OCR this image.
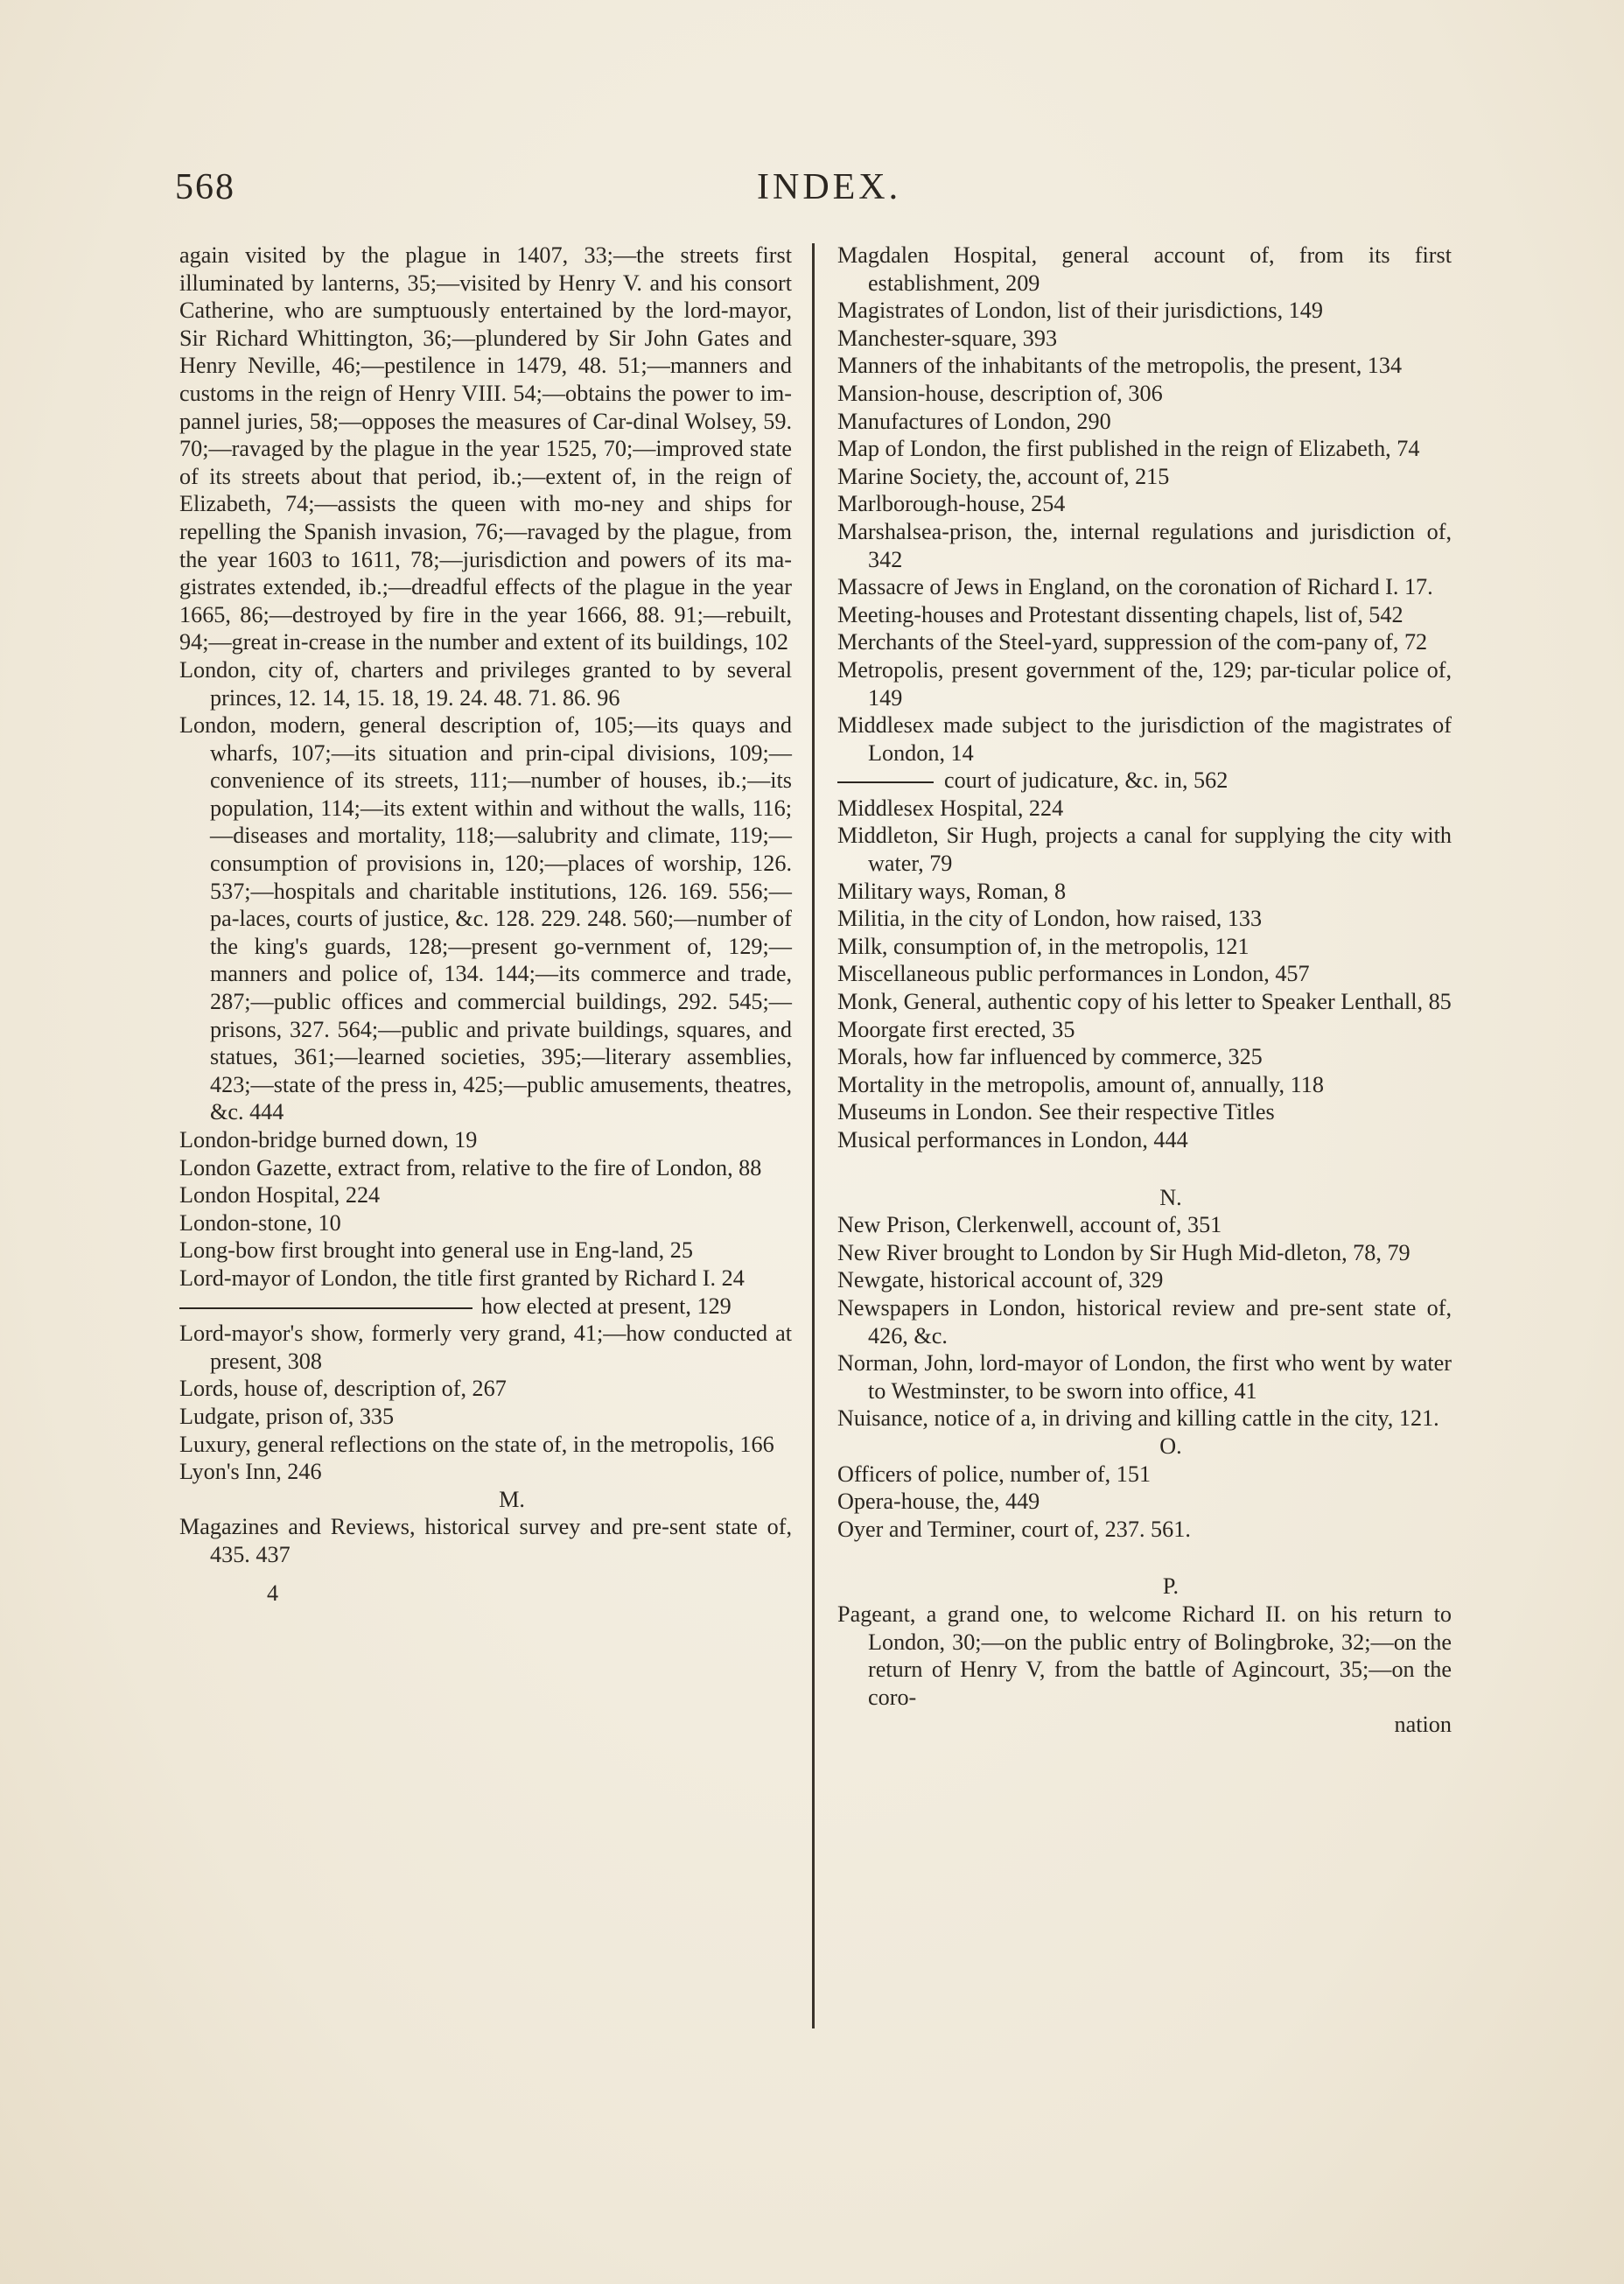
568	INDEX.

again visited by the plague in 1407, 33;—the streets first illuminated by lanterns, 35;—visited by Henry V. and his consort Catherine, who are sumptuously entertained by the lord-mayor, Sir Richard Whittington, 36;—plundered by Sir John Gates and Henry Neville, 46;—pestilence in 1479, 48. 51;—manners and customs in the reign of Henry VIII. 54;—obtains the power to im-pannel juries, 58;—opposes the measures of Car-dinal Wolsey, 59. 70;—ravaged by the plague in the year 1525, 70;—improved state of its streets about that period, ib.;—extent of, in the reign of Elizabeth, 74;—assists the queen with mo-ney and ships for repelling the Spanish invasion, 76;—ravaged by the plague, from the year 1603 to 1611, 78;—jurisdiction and powers of its ma-gistrates extended, ib.;—dreadful effects of the plague in the year 1665, 86;—destroyed by fire in the year 1666, 88. 91;—rebuilt, 94;—great in-crease in the number and extent of its buildings, 102

London, city of, charters and privileges granted to by several princes, 12. 14, 15. 18, 19. 24. 48. 71. 86. 96

London, modern, general description of, 105;—its quays and wharfs, 107;—its situation and prin-cipal divisions, 109;—convenience of its streets, 111;—number of houses, ib.;—its population, 114;—its extent within and without the walls, 116;—diseases and mortality, 118;—salubrity and climate, 119;—consumption of provisions in, 120;—places of worship, 126. 537;—hospitals and charitable institutions, 126. 169. 556;—pa-laces, courts of justice, &c. 128. 229. 248. 560;—number of the king's guards, 128;—present go-vernment of, 129;—manners and police of, 134. 144;—its commerce and trade, 287;—public offices and commercial buildings, 292. 545;—prisons, 327. 564;—public and private buildings, squares, and statues, 361;—learned societies, 395;—literary assemblies, 423;—state of the press in, 425;—public amusements, theatres, &c. 444

London-bridge burned down, 19

London Gazette, extract from, relative to the fire of London, 88

London Hospital, 224

London-stone, 10

Long-bow first brought into general use in Eng-land, 25

Lord-mayor of London, the title first granted by Richard I. 24

how elected at present, 129

Lord-mayor's show, formerly very grand, 41;—how conducted at present, 308

Lords, house of, description of, 267

Ludgate, prison of, 335

Luxury, general reflections on the state of, in the metropolis, 166

Lyon's Inn, 246

M.

Magazines and Reviews, historical survey and pre-sent state of, 435. 437

4

Magdalen Hospital, general account of, from its first establishment, 209

Magistrates of London, list of their jurisdictions, 149

Manchester-square, 393

Manners of the inhabitants of the metropolis, the present, 134

Mansion-house, description of, 306

Manufactures of London, 290

Map of London, the first published in the reign of Elizabeth, 74

Marine Society, the, account of, 215

Marlborough-house, 254

Marshalsea-prison, the, internal regulations and jurisdiction of, 342

Massacre of Jews in England, on the coronation of Richard I. 17.

Meeting-houses and Protestant dissenting chapels, list of, 542

Merchants of the Steel-yard, suppression of the com-pany of, 72

Metropolis, present government of the, 129; par-ticular police of, 149

Middlesex made subject to the jurisdiction of the magistrates of London, 14

court of judicature, &c. in, 562

Middlesex Hospital, 224

Middleton, Sir Hugh, projects a canal for supplying the city with water, 79

Military ways, Roman, 8

Militia, in the city of London, how raised, 133

Milk, consumption of, in the metropolis, 121

Miscellaneous public performances in London, 457

Monk, General, authentic copy of his letter to Speaker Lenthall, 85

Moorgate first erected, 35

Morals, how far influenced by commerce, 325

Mortality in the metropolis, amount of, annually, 118

Museums in London. See their respective Titles

Musical performances in London, 444

N.

New Prison, Clerkenwell, account of, 351

New River brought to London by Sir Hugh Mid-dleton, 78, 79

Newgate, historical account of, 329

Newspapers in London, historical review and pre-sent state of, 426, &c.

Norman, John, lord-mayor of London, the first who went by water to Westminster, to be sworn into office, 41

Nuisance, notice of a, in driving and killing cattle in the city, 121.

O.

Officers of police, number of, 151

Opera-house, the, 449

Oyer and Terminer, court of, 237. 561.

P.

Pageant, a grand one, to welcome Richard II. on his return to London, 30;—on the public entry of Bolingbroke, 32;—on the return of Henry V, from the battle of Agincourt, 35;—on the coro-

nation
